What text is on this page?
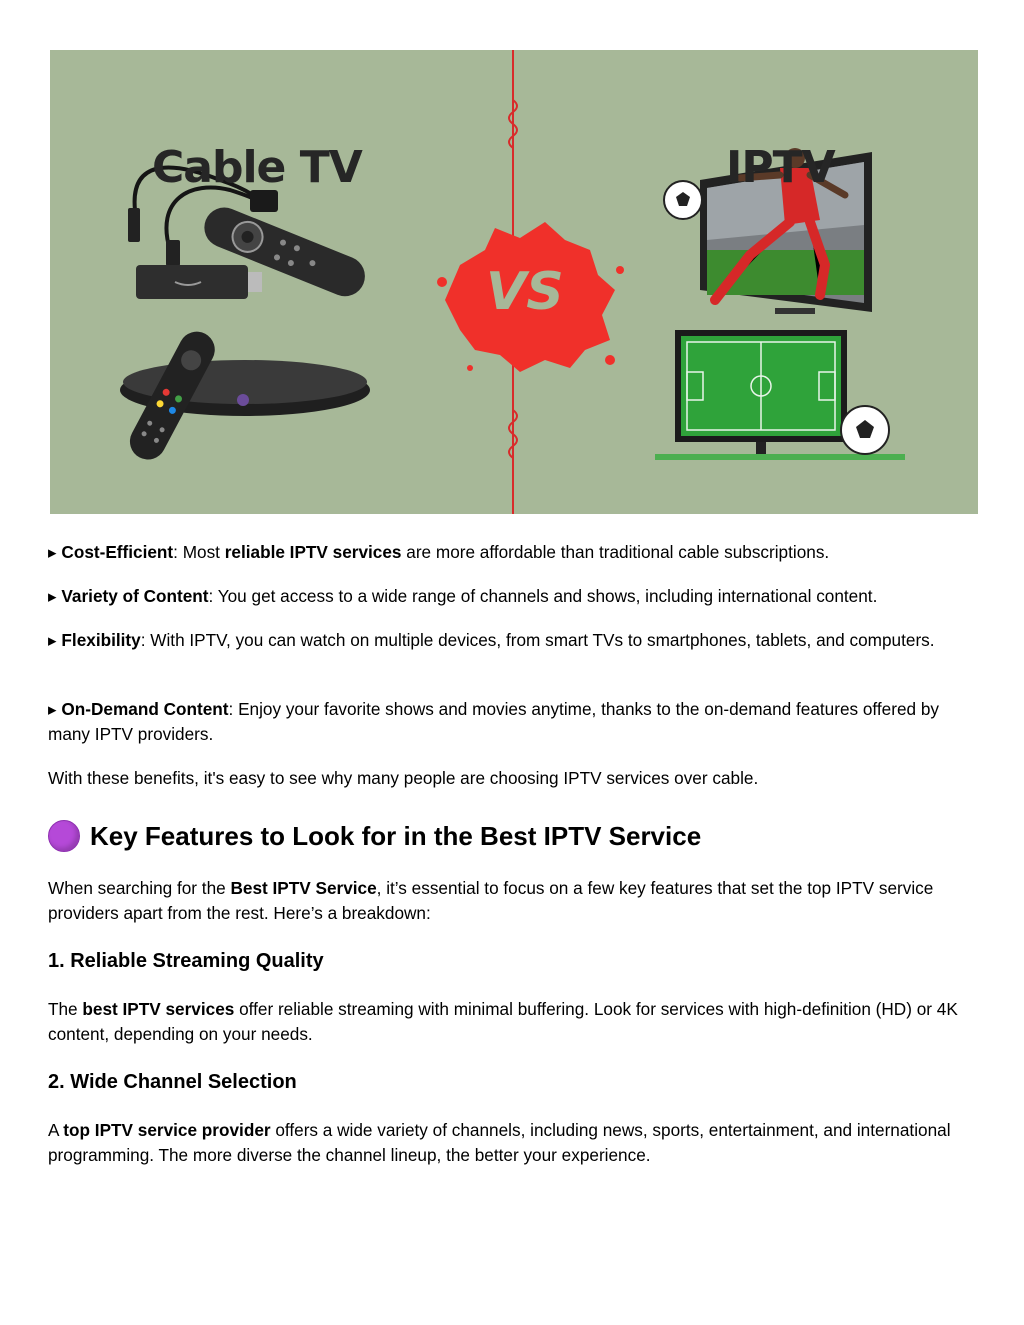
Cable TV	IPTV
VS

▸ Cost-Efficient: Most reliable IPTV services are more affordable than traditional cable subscriptions.

▸ Variety of Content: You get access to a wide range of channels and shows, including international content.

▸ Flexibility: With IPTV, you can watch on multiple devices, from smart TVs to smartphones, tablets, and computers.

▸ On-Demand Content: Enjoy your favorite shows and movies anytime, thanks to the on-demand features offered by many IPTV providers.

With these benefits, it's easy to see why many people are choosing IPTV services over cable.

Key Features to Look for in the Best IPTV Service

When searching for the Best IPTV Service, it’s essential to focus on a few key features that set the top IPTV service providers apart from the rest. Here’s a breakdown:

1. Reliable Streaming Quality

The best IPTV services offer reliable streaming with minimal buffering. Look for services with high-definition (HD) or 4K content, depending on your needs.

2. Wide Channel Selection

A top IPTV service provider offers a wide variety of channels, including news, sports, entertainment, and international programming. The more diverse the channel lineup, the better your experience.
